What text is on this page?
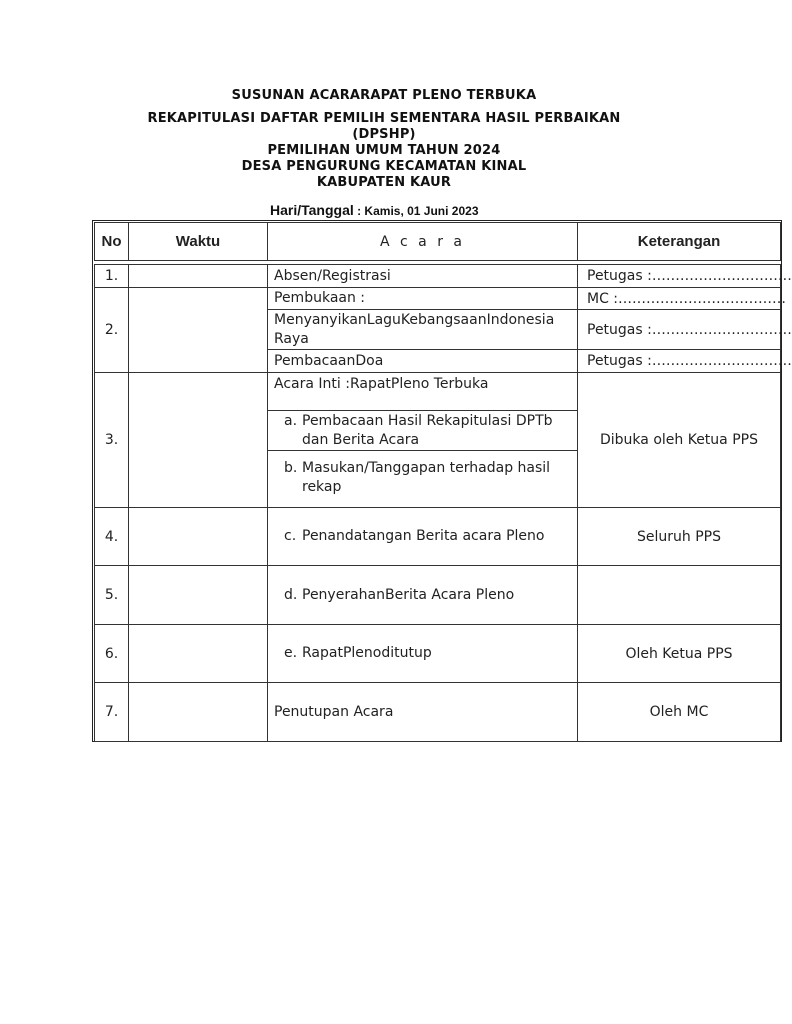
SUSUNAN ACARARAPAT PLENO TERBUKA
REKAPITULASI DAFTAR PEMILIH SEMENTARA HASIL PERBAIKAN
(DPSHP)
PEMILIHAN UMUM TAHUN 2024
DESA PENGURUNG KECAMATAN KINAL
KABUPATEN KAUR
Hari/Tanggal : Kamis, 01 Juni 2023
No	Waktu	A c a r a	Keterangan

1.		Absen/Registrasi	Petugas :…………………………
2.		Pembukaan :	MC :………………………………
		MenyanyikanLaguKebangsaanIndonesia Raya	Petugas :…………………………
		PembacaanDoa	Petugas :…………………………
3.		Acara Inti :RapatPleno Terbuka	Dibuka oleh Ketua PPS

		a. Pembacaan Hasil Rekapitulasi DPTb dan Berita Acara	

		b. Masukan/Tanggapan terhadap hasil rekap	

4.		c. Penandatangan Berita acara Pleno	Seluruh PPS
5.		d. PenyerahanBerita Acara Pleno	

6.		e. RapatPlenoditutup	Oleh Ketua PPS
7.		Penutupan Acara	Oleh MC
